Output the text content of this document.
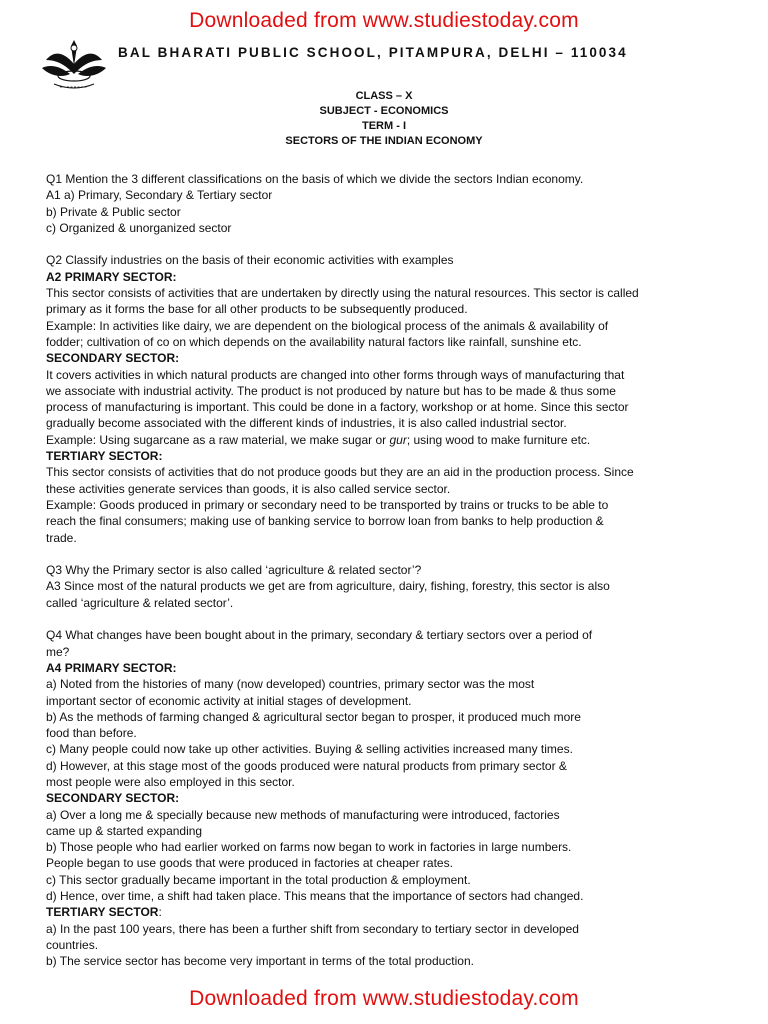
Downloaded from www.studiestoday.com
BAL BHARATI PUBLIC SCHOOL, PITAMPURA, DELHI – 110034
CLASS – X
SUBJECT - ECONOMICS
TERM - I
SECTORS OF THE INDIAN ECONOMY
Q1 Mention the 3 different classifications on the basis of which we divide the sectors Indian economy.
A1 a) Primary, Secondary & Tertiary sector
b) Private & Public sector
c) Organized & unorganized sector
Q2 Classify industries on the basis of their economic activities with examples
A2 PRIMARY SECTOR:
This sector consists of activities that are undertaken by directly using the natural resources. This sector is called
primary as it forms the base for all other products to be subsequently produced.
Example: In activities like dairy, we are dependent on the biological process of the animals & availability of
fodder; cultivation of co on which depends on the availability natural factors like rainfall, sunshine etc.
SECONDARY SECTOR:
It covers activities in which natural products are changed into other forms through ways of manufacturing that
we associate with industrial activity. The product is not produced by nature but has to be made & thus some
process of manufacturing is important. This could be done in a factory, workshop or at home. Since this sector
gradually become associated with the different kinds of industries, it is also called industrial sector.
Example: Using sugarcane as a raw material, we make sugar or gur; using wood to make furniture etc.
TERTIARY SECTOR:
This sector consists of activities that do not produce goods but they are an aid in the production process. Since
these activities generate services than goods, it is also called service sector.
Example: Goods produced in primary or secondary need to be transported by trains or trucks to be able to
reach the final consumers; making use of banking service to borrow loan from banks to help production &
trade.
Q3 Why the Primary sector is also called ‘agriculture & related sector’?
A3 Since most of the natural products we get are from agriculture, dairy, fishing, forestry, this sector is also
called ‘agriculture & related sector’.
Q4 What changes have been bought about in the primary, secondary & tertiary sectors over a period of
me?
A4 PRIMARY SECTOR:
a) Noted from the histories of many (now developed) countries, primary sector was the most
important sector of economic activity at initial stages of development.
b) As the methods of farming changed & agricultural sector began to prosper, it produced much more
food than before.
c) Many people could now take up other activities. Buying & selling activities increased many times.
d) However, at this stage most of the goods produced were natural products from primary sector &
most people were also employed in this sector.
SECONDARY SECTOR:
a) Over a long me & specially because new methods of manufacturing were introduced, factories
came up & started expanding
b) Those people who had earlier worked on farms now began to work in factories in large numbers.
People began to use goods that were produced in factories at cheaper rates.
c) This sector gradually became important in the total production & employment.
d) Hence, over time, a shift had taken place. This means that the importance of sectors had changed.
TERTIARY SECTOR:
a) In the past 100 years, there has been a further shift from secondary to tertiary sector in developed
countries.
b) The service sector has become very important in terms of the total production.
Downloaded from www.studiestoday.com
